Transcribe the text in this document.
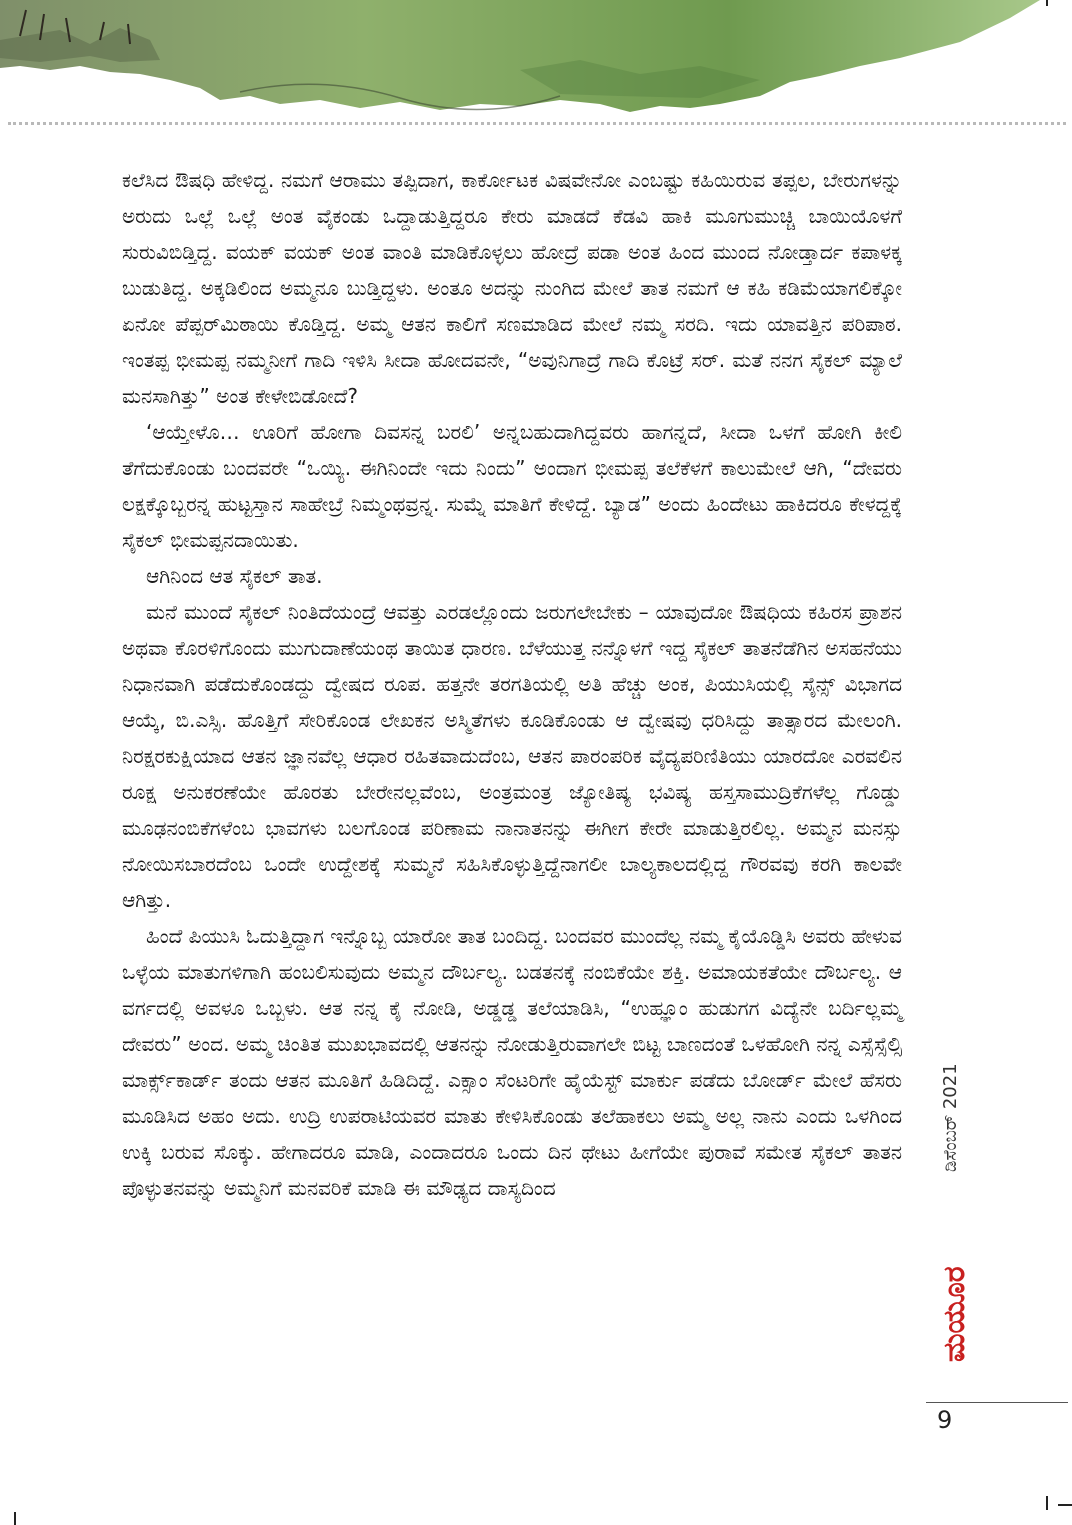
ಕಲೆಸಿದ ಔಷಧಿ ಹೇಳಿದ್ದ. ನಮಗೆ ಆರಾಮು ತಪ್ಪಿದಾಗ, ಕಾರ್ಕೋಟಕ ವಿಷವೇನೋ ಎಂಬಷ್ಟು ಕಹಿಯಿರುವ ತಪ್ಪಲ, ಬೇರುಗಳನ್ನು ಅರುದು ಒಲ್ಲೆ ಒಲ್ಲೆ ಅಂತ ವೈಕಂಡು ಒದ್ದಾಡುತ್ತಿದ್ದರೂ ಕೇರು ಮಾಡದೆ ಕೆಡವಿ ಹಾಕಿ ಮೂಗುಮುಚ್ಚಿ ಬಾಯಿಯೊಳಗೆ ಸುರುವಿಬಿಡ್ತಿದ್ದ. ವಯಕ್ ವಯಕ್ ಅಂತ ವಾಂತಿ ಮಾಡಿಕೊಳ್ಳಲು ಹೋದ್ರೆ ಪಡಾ ಅಂತ ಹಿಂದ ಮುಂದ ನೋಡ್ತಾರ್ದ ಕಪಾಳಕ್ಕ ಬುಡುತಿದ್ದ. ಅಕ್ಕಡಿಲಿಂದ ಅಮ್ಮನೂ ಬುಡ್ತಿದ್ದಳು. ಅಂತೂ ಅದನ್ನು ನುಂಗಿದ ಮೇಲೆ ತಾತ ನಮಗೆ ಆ ಕಹಿ ಕಡಿಮೆಯಾಗಲಿಕ್ಕೋ ಏನೋ ಪೆಪ್ಪರ್‌ಮಿಠಾಯಿ ಕೊಡ್ತಿದ್ದ. ಅಮ್ಮ ಆತನ ಕಾಲಿಗೆ ಸಣಮಾಡಿದ ಮೇಲೆ ನಮ್ಮ ಸರದಿ. ಇದು ಯಾವತ್ತಿನ ಪರಿಪಾಠ. ಇಂತಪ್ಪ ಭೀಮಪ್ಪ ನಮ್ಮನೀಗೆ ಗಾದಿ ಇಳಿಸಿ ಸೀದಾ ಹೋದವನೇ, “ಅವುನಿಗಾದ್ರೆ ಗಾದಿ ಕೊಟ್ರೆ ಸರ್. ಮತೆ ನನಗ ಸೈಕಲ್ ಮ್ಯಾಲೆ ಮನಸಾಗಿತ್ತು” ಅಂತ ಕೇಳೇಬಿಡೋದೆ?

‘ಆಯ್ತೇಳೊ… ಊರಿಗೆ ಹೋಗಾ ದಿವಸನ್ನ ಬರಲಿ’ ಅನ್ನಬಹುದಾಗಿದ್ದವರು ಹಾಗನ್ನದೆ, ಸೀದಾ ಒಳಗೆ ಹೋಗಿ ಕೀಲಿ ತೆಗೆದುಕೊಂಡು ಬಂದವರೇ “ಒಯ್ಯಿ. ಈಗಿನಿಂದೇ ಇದು ನಿಂದು” ಅಂದಾಗ ಭೀಮಪ್ಪ ತಲೆಕೆಳಗೆ ಕಾಲುಮೇಲೆ ಆಗಿ, “ದೇವರು ಲಕ್ಷಕ್ಕೊಬ್ಬರನ್ನ ಹುಟ್ಟಸ್ತಾನ ಸಾಹೇಬ್ರೆ ನಿಮ್ಮಂಥವ್ರನ್ನ. ಸುಮ್ನೆ ಮಾತಿಗೆ ಕೇಳಿದ್ದೆ. ಬ್ಯಾಡ” ಅಂದು ಹಿಂದೇಟು ಹಾಕಿದರೂ ಕೇಳದ್ದಕ್ಕೆ ಸೈಕಲ್ ಭೀಮಪ್ಪನದಾಯಿತು.

ಆಗಿನಿಂದ ಆತ ಸೈಕಲ್ ತಾತ.

ಮನೆ ಮುಂದೆ ಸೈಕಲ್ ನಿಂತಿದೆಯಂದ್ರೆ ಆವತ್ತು ಎರಡಲ್ಲೊಂದು ಜರುಗಲೇಬೇಕು – ಯಾವುದೋ ಔಷಧಿಯ ಕಹಿರಸ ಪ್ರಾಶನ ಅಥವಾ ಕೊರಳಿಗೊಂದು ಮುಗುದಾಣೆಯಂಥ ತಾಯಿತ ಧಾರಣ. ಬೆಳೆಯುತ್ತ ನನ್ನೊಳಗೆ ಇದ್ದ ಸೈಕಲ್ ತಾತನೆಡೆಗಿನ ಅಸಹನೆಯು ನಿಧಾನವಾಗಿ ಪಡೆದುಕೊಂಡದ್ದು ದ್ವೇಷದ ರೂಪ. ಹತ್ತನೇ ತರಗತಿಯಲ್ಲಿ ಅತಿ ಹೆಚ್ಚು ಅಂಕ, ಪಿಯುಸಿಯಲ್ಲಿ ಸೈನ್ಸ್ ವಿಭಾಗದ ಆಯ್ಕೆ, ಬಿ.ಎಸ್ಸಿ. ಹೊತ್ತಿಗೆ ಸೇರಿಕೊಂಡ ಲೇಖಕನ ಅಸ್ಮಿತೆಗಳು ಕೂಡಿಕೊಂಡು ಆ ದ್ವೇಷವು ಧರಿಸಿದ್ದು ತಾತ್ಸಾರದ ಮೇಲಂಗಿ. ನಿರಕ್ಷರಕುಕ್ಷಿಯಾದ ಆತನ ಜ್ಞಾನವೆಲ್ಲ ಆಧಾರ ರಹಿತವಾದುದೆಂಬ, ಆತನ ಪಾರಂಪರಿಕ ವೈದ್ಯಪರಿಣಿತಿಯು ಯಾರದೋ ಎರವಲಿನ ರೂಕ್ಷ ಅನುಕರಣೆಯೇ ಹೊರತು ಬೇರೇನಲ್ಲವೆಂಬ, ಅಂತ್ರಮಂತ್ರ ಜ್ಯೋತಿಷ್ಯ ಭವಿಷ್ಯ ಹಸ್ತಸಾಮುದ್ರಿಕೆಗಳೆಲ್ಲ ಗೊಡ್ಡು ಮೂಢನಂಬಿಕೆಗಳೆಂಬ ಭಾವಗಳು ಬಲಗೊಂಡ ಪರಿಣಾಮ ನಾನಾತನನ್ನು ಈಗೀಗ ಕೇರೇ ಮಾಡುತ್ತಿರಲಿಲ್ಲ. ಅಮ್ಮನ ಮನಸ್ಸು ನೋಯಿಸಬಾರದೆಂಬ ಒಂದೇ ಉದ್ದೇಶಕ್ಕೆ ಸುಮ್ಮನೆ ಸಹಿಸಿಕೊಳ್ಳುತ್ತಿದ್ದೆನಾಗಲೀ ಬಾಲ್ಯಕಾಲದಲ್ಲಿದ್ದ ಗೌರವವು ಕರಗಿ ಕಾಲವೇ ಆಗಿತ್ತು.

ಹಿಂದೆ ಪಿಯುಸಿ ಓದುತ್ತಿದ್ದಾಗ ಇನ್ನೊಬ್ಬ ಯಾರೋ ತಾತ ಬಂದಿದ್ದ. ಬಂದವರ ಮುಂದೆಲ್ಲ ನಮ್ಮ ಕೈಯೊಡ್ಡಿಸಿ ಅವರು ಹೇಳುವ ಒಳ್ಳೆಯ ಮಾತುಗಳಿಗಾಗಿ ಹಂಬಲಿಸುವುದು ಅಮ್ಮನ ದೌರ್ಬಲ್ಯ. ಬಡತನಕ್ಕೆ ನಂಬಿಕೆಯೇ ಶಕ್ತಿ. ಅಮಾಯಕತೆಯೇ ದೌರ್ಬಲ್ಯ. ಆ ವರ್ಗದಲ್ಲಿ ಅವಳೂ ಒಬ್ಬಳು. ಆತ ನನ್ನ ಕೈ ನೋಡಿ, ಅಡ್ಡಡ್ಡ ತಲೆಯಾಡಿಸಿ, “ಉಹ್ಞೂಂ ಹುಡುಗಗ ವಿದ್ಯೆನೇ ಬರ್ದಿಲ್ಲಮ್ಮ ದೇವರು” ಅಂದ. ಅಮ್ಮ ಚಿಂತಿತ ಮುಖಭಾವದಲ್ಲಿ ಆತನನ್ನು ನೋಡುತ್ತಿರುವಾಗಲೇ ಬಿಟ್ಟ ಬಾಣದಂತೆ ಒಳಹೋಗಿ ನನ್ನ ಎಸ್ಸೆಸ್ಸೆಲ್ಸಿ ಮಾರ್ಕ್ಸ್‌ಕಾರ್ಡ್ ತಂದು ಆತನ ಮೂತಿಗೆ ಹಿಡಿದಿದ್ದೆ. ಎಕ್ಸಾಂ ಸೆಂಟರಿಗೇ ಹೈಯೆಸ್ಟ್ ಮಾರ್ಕು ಪಡೆದು ಬೋರ್ಡ್ ಮೇಲೆ ಹೆಸರು ಮೂಡಿಸಿದ ಅಹಂ ಅದು. ಉದ್ರಿ ಉಪರಾಟಿಯವರ ಮಾತು ಕೇಳಿಸಿಕೊಂಡು ತಲೆಹಾಕಲು ಅಮ್ಮ ಅಲ್ಲ ನಾನು ಎಂದು ಒಳಗಿಂದ ಉಕ್ಕಿ ಬರುವ ಸೊಕ್ಕು. ಹೇಗಾದರೂ ಮಾಡಿ, ಎಂದಾದರೂ ಒಂದು ದಿನ ಥೇಟು ಹೀಗೆಯೇ ಪುರಾವೆ ಸಮೇತ ಸೈಕಲ್ ತಾತನ ಪೊಳ್ಳುತನವನ್ನು ಅಮ್ಮನಿಗೆ ಮನವರಿಕೆ ಮಾಡಿ ಈ ಮೌಢ್ಯದ ದಾಸ್ಯದಿಂದ

ಡಿಸೆಂಬರ್ 2021
ಮಯೂರ
9
